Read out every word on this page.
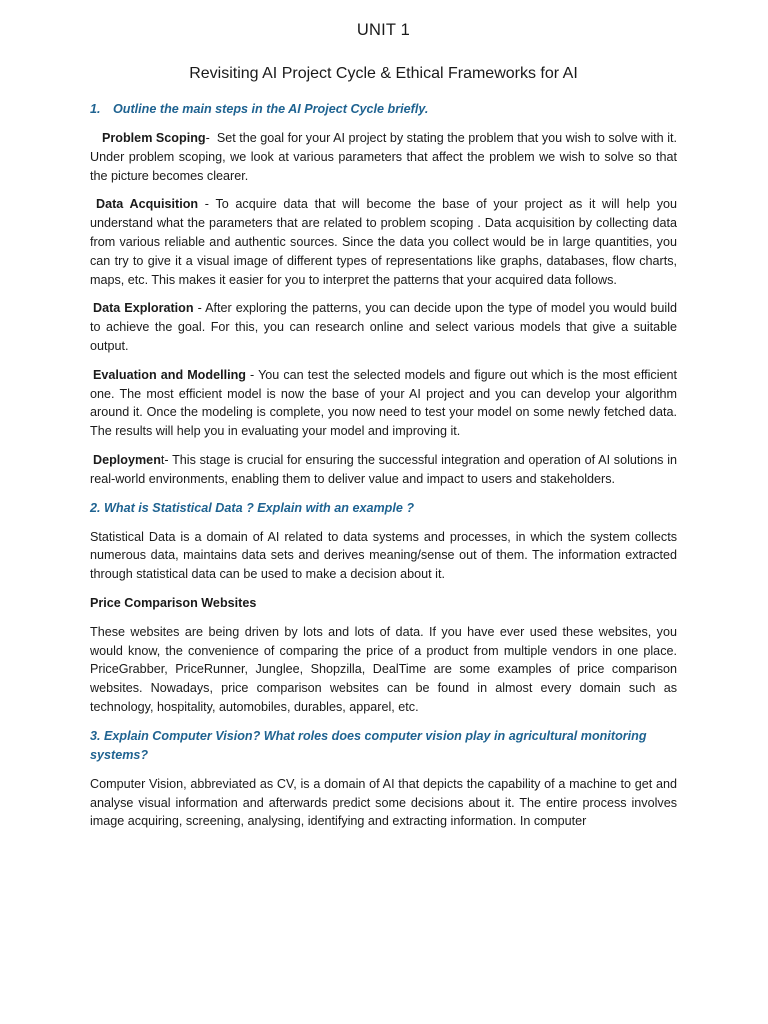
UNIT 1
Revisiting AI Project Cycle & Ethical Frameworks for AI

1. Outline the main steps in the AI Project Cycle briefly.

Problem Scoping-  Set the goal for your AI project by stating the problem that you wish to solve with it. Under problem scoping, we look at various parameters that affect the problem we wish to solve so that the picture becomes clearer.

Data Acquisition - To acquire data that will become the base of your project as it will help you understand what the parameters that are related to problem scoping . Data acquisition by collecting data from various reliable and authentic sources. Since the data you collect would be in large quantities, you can try to give it a visual image of different types of representations like graphs, databases, flow charts, maps, etc. This makes it easier for you to interpret the patterns that your acquired data follows.

Data Exploration - After exploring the patterns, you can decide upon the type of model you would build to achieve the goal. For this, you can research online and select various models that give a suitable output.

Evaluation and Modelling - You can test the selected models and figure out which is the most efficient one. The most efficient model is now the base of your AI project and you can develop your algorithm around it. Once the modeling is complete, you now need to test your model on some newly fetched data. The results will help you in evaluating your model and improving it.

Deployment- This stage is crucial for ensuring the successful integration and operation of AI solutions in real-world environments, enabling them to deliver value and impact to users and stakeholders.

2. What is Statistical Data ? Explain with an example ?

Statistical Data is a domain of AI related to data systems and processes, in which the system collects numerous data, maintains data sets and derives meaning/sense out of them. The information extracted through statistical data can be used to make a decision about it.

Price Comparison Websites

These websites are being driven by lots and lots of data. If you have ever used these websites, you would know, the convenience of comparing the price of a product from multiple vendors in one place. PriceGrabber, PriceRunner, Junglee, Shopzilla, DealTime are some examples of price comparison websites. Nowadays, price comparison websites can be found in almost every domain such as technology, hospitality, automobiles, durables, apparel, etc.

3. Explain Computer Vision? What roles does computer vision play in agricultural monitoring systems?

Computer Vision, abbreviated as CV, is a domain of AI that depicts the capability of a machine to get and analyse visual information and afterwards predict some decisions about it. The entire process involves image acquiring, screening, analysing, identifying and extracting information. In computer
